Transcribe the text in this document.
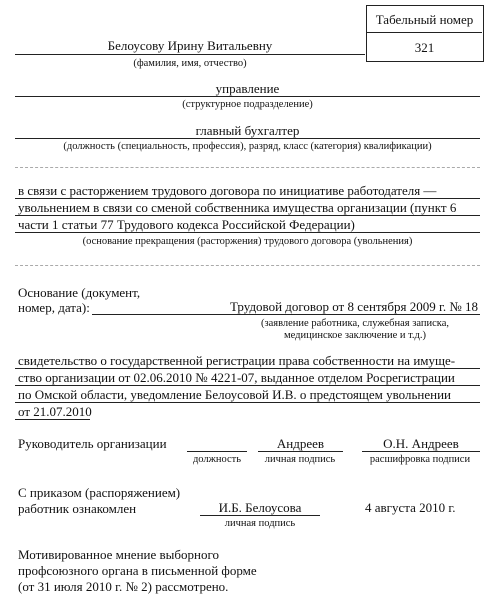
Табельный номер
321
Белоусову Ирину Витальевну
(фамилия, имя, отчество)
управление
(структурное подразделение)
главный бухгалтер
(должность (специальность, профессия), разряд, класс (категория) квалификации)
в связи с расторжением трудового договора по инициативе работодателя —
увольнением в связи со сменой собственника имущества организации (пункт 6
части 1 статьи 77 Трудового кодекса Российской Федерации)
(основание прекращения (расторжения) трудового договора (увольнения)
Основание (документ,
номер, дата):	Трудовой договор от 8 сентября 2009 г. № 18
(заявление работника, служебная записка,
медицинское заключение и т.д.)
свидетельство о государственной регистрации права собственности на имуще-
ство организации от 02.06.2010 № 4221-07, выданное отделом Росрегистрации
по Омской области, уведомление Белоусовой И.В. о предстоящем увольнении
от 21.07.2010
Руководитель организации
должность
Андреев
личная подпись
О.Н. Андреев
расшифровка подписи
С приказом (распоряжением)
работник ознакомлен	И.Б. Белоусова
личная подпись
4 августа 2010 г.
Мотивированное мнение выборного
профсоюзного органа в письменной форме
(от 31 июля 2010 г. № 2) рассмотрено.
